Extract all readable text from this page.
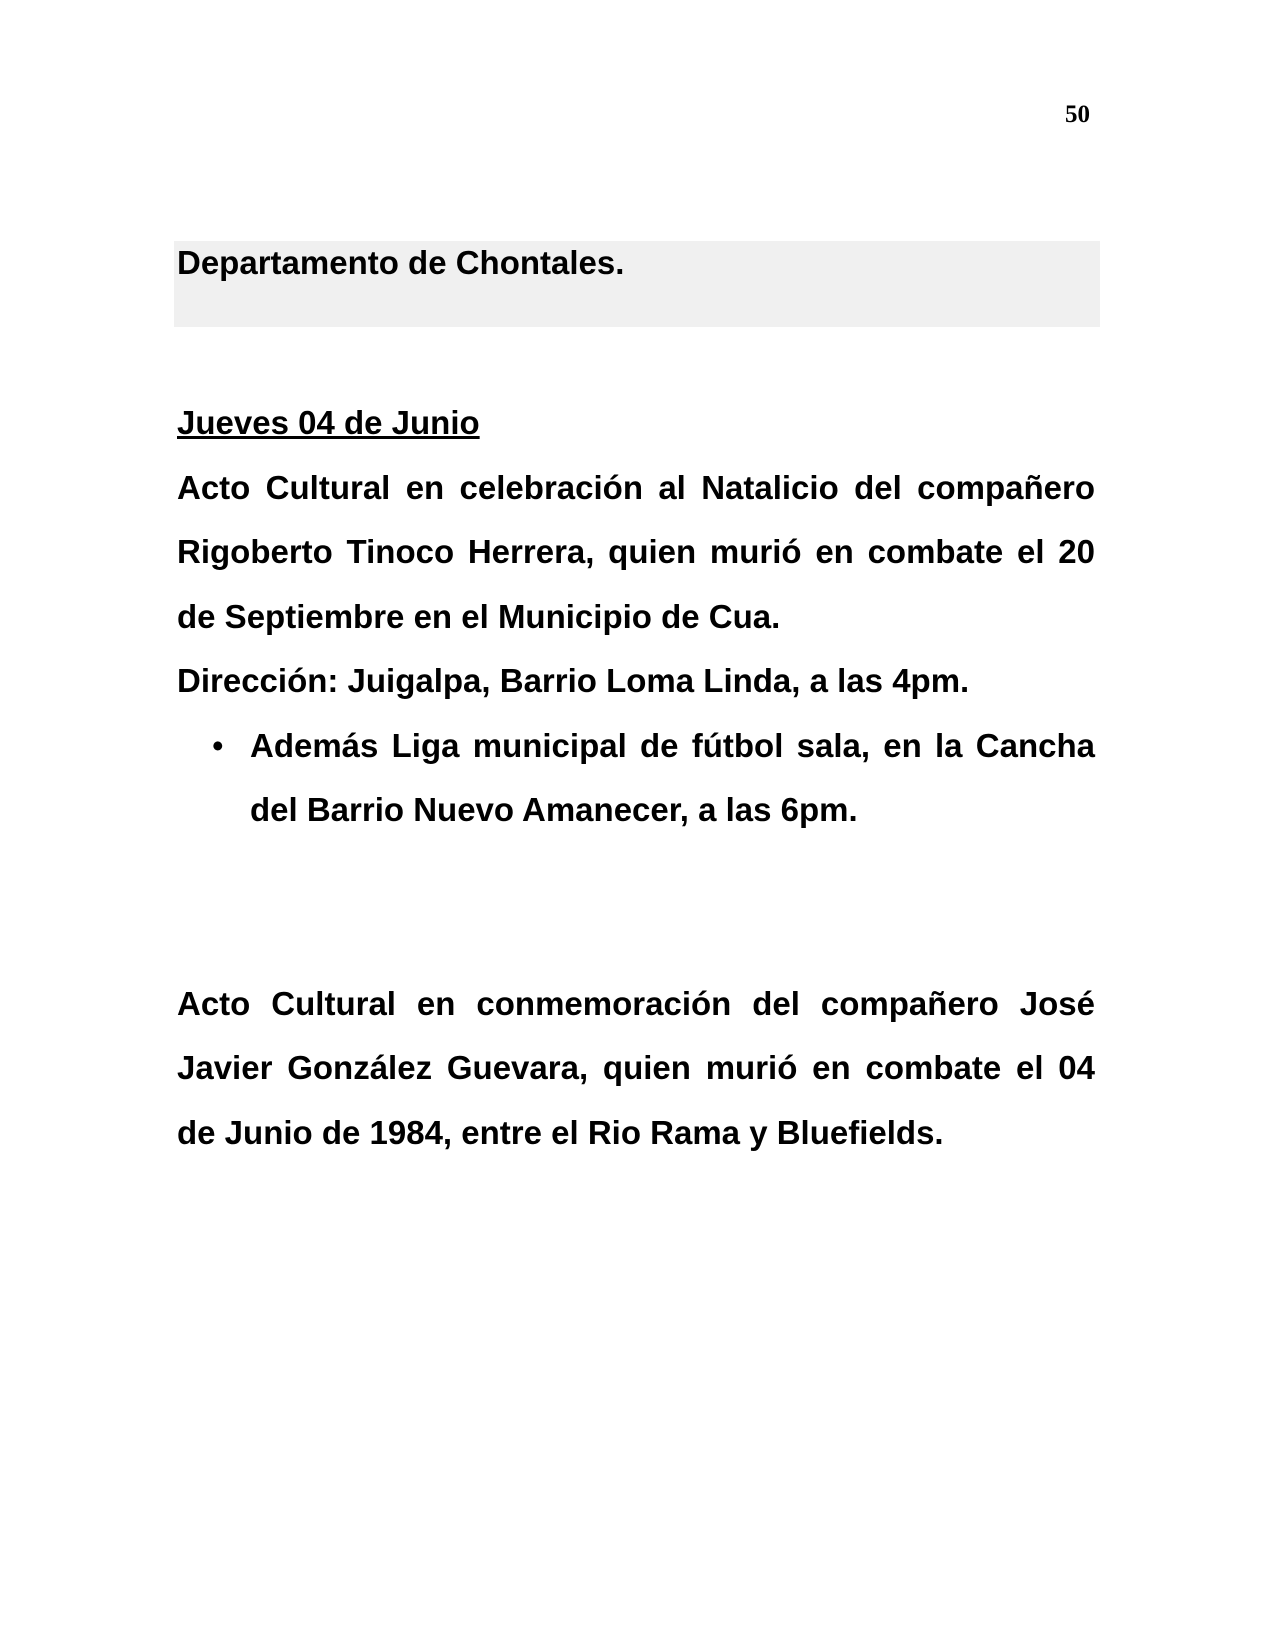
50
Departamento de Chontales.

Jueves 04 de Junio

Acto Cultural en celebración al Natalicio del compañero Rigoberto Tinoco Herrera, quien murió en combate el 20 de Septiembre en el Municipio de Cua.

Dirección: Juigalpa, Barrio Loma Linda, a las 4pm.

• Además Liga municipal de fútbol sala, en la Cancha del Barrio Nuevo Amanecer, a las 6pm.

Acto Cultural en conmemoración del compañero José Javier González Guevara, quien murió en combate el 04 de Junio de 1984, entre el Rio Rama y Bluefields.
